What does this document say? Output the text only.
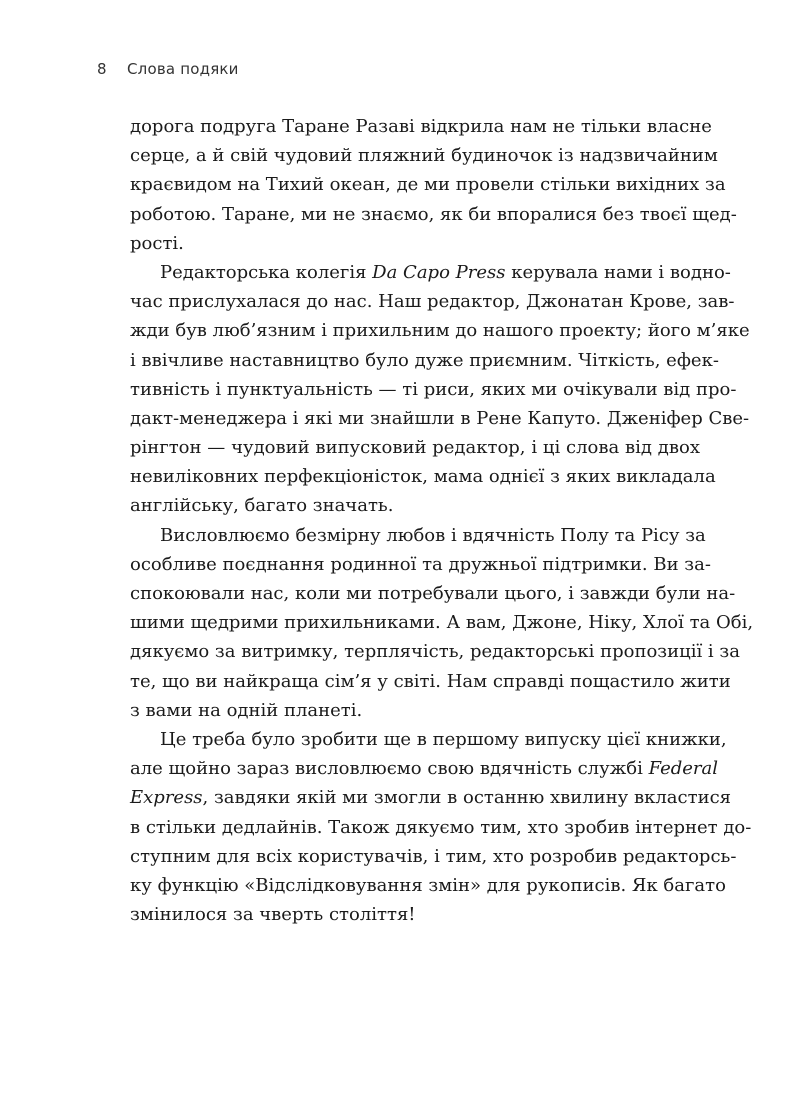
8 Слова подяки
дорога подруга Таране Разаві відкрила нам не тільки власне
серце, а й свій чудовий пляжний будиночок із надзвичайним
краєвидом на Тихий океан, де ми провели стільки вихідних за
роботою. Таране, ми не знаємо, як би впоралися без твоєї щед-
рості.
Редакторська колегія Da Capo Press керувала нами і водно-
час прислухалася до нас. Наш редактор, Джонатан Крове, зав-
жди був люб’язним і прихильним до нашого проекту; його м’яке
і ввічливе наставництво було дуже приємним. Чіткість, ефек-
тивність і пунктуальність — ті риси, яких ми очікували від про-
дакт-менеджера і які ми знайшли в Рене Капуто. Дженіфер Све-
рінгтон — чудовий випусковий редактор, і ці слова від двох
невиліковних перфекціоністок, мама однієї з яких викладала
англійську, багато значать.
Висловлюємо безмірну любов і вдячність Полу та Рісу за
особливе поєднання родинної та дружньої підтримки. Ви за-
спокоювали нас, коли ми потребували цього, і завжди були на-
шими щедрими прихильниками. А вам, Джоне, Ніку, Хлої та Обі,
дякуємо за витримку, терплячість, редакторські пропозиції і за
те, що ви найкраща сім’я у світі. Нам справді пощастило жити
з вами на одній планеті.
Це треба було зробити ще в першому випуску цієї книжки,
але щойно зараз висловлюємо свою вдячність службі Federal
Express, завдяки якій ми змогли в останню хвилину вкластися
в стільки дедлайнів. Також дякуємо тим, хто зробив інтернет до-
ступним для всіх користувачів, і тим, хто розробив редакторсь-
ку функцію «Відслідковування змін» для рукописів. Як багато
змінилося за чверть століття!
